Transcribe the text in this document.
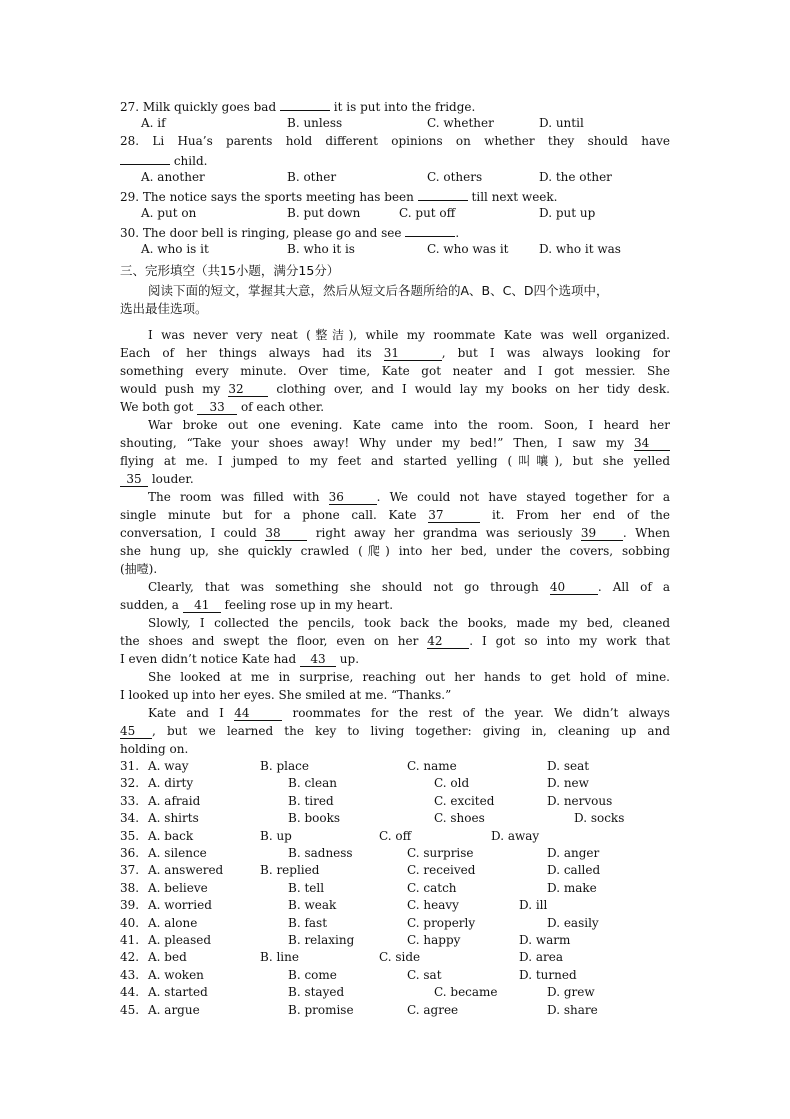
27. Milk quickly goes bad	it is put into the fridge.
A. if	B. unless	C. whether	D. until
28. Li Hua’s parents hold different opinions on whether they should have
child.
A. another	B. other	C. others	D. the other
29. The notice says the sports meeting has been	till next week.
A. put on	B. put down	C. put off	D. put up
30. The door bell is ringing, please go and see	.
A. who is it	B. who it is	C. who was it	D. who it was
三、完形填空（共15小题，满分15分）
阅读下面的短文，掌握其大意，然后从短文后各题所给的A、B、C、D四个选项中，
选出最佳选项。
I was never very neat (整洁), while my roommate Kate was well organized.
Each of her things always had its 31	, but I was always looking for
something every minute. Over time, Kate got neater and I got messier. She
would push my 32	clothing over, and I would lay my books on her tidy desk.
We both got 33 of each other.
War broke out one evening. Kate came into the room. Soon, I heard her
shouting, “Take your shoes away! Why under my bed!” Then, I saw my 34
flying at me. I jumped to my feet and started yelling (叫嚷), but she yelled
35 louder.
The room was filled with 36	. We could not have stayed together for a
single minute but for a phone call. Kate 37	it. From her end of the
conversation, I could 38	right away her grandma was seriously 39 . When
she hung up, she quickly crawled (爬) into her bed, under the covers, sobbing
(抽噎).
Clearly, that was something she should not go through 40	. All of a
sudden, a 41 feeling rose up in my heart.
Slowly, I collected the pencils, took back the books, made my bed, cleaned
the shoes and swept the floor, even on her 42 . I got so into my work that
I even didn’t notice Kate had 43 up.
She looked at me in surprise, reaching out her hands to get hold of mine.
I looked up into her eyes. She smiled at me. “Thanks.”
Kate and I 44	roommates for the rest of the year. We didn’t always
45 , but we learned the key to living together: giving in, cleaning up and
holding on.
31. A. way	B. place	C. name	D. seat
32. A. dirty	B. clean	C. old	D. new
33. A. afraid	B. tired	C. excited	D. nervous
34. A. shirts	B. books	C. shoes	D. socks
35. A. back	B. up	C. off	D. away
36. A. silence	B. sadness	C. surprise	D. anger
37. A. answered	B. replied	C. received	D. called
38. A. believe	B. tell	C. catch	D. make
39. A. worried	B. weak	C. heavy	D. ill
40. A. alone	B. fast	C. properly	D. easily
41. A. pleased	B. relaxing	C. happy	D. warm
42. A. bed	B. line	C. side	D. area
43. A. woken	B. come	C. sat	D. turned
44. A. started	B. stayed	C. became	D. grew
45. A. argue	B. promise	C. agree	D. share
